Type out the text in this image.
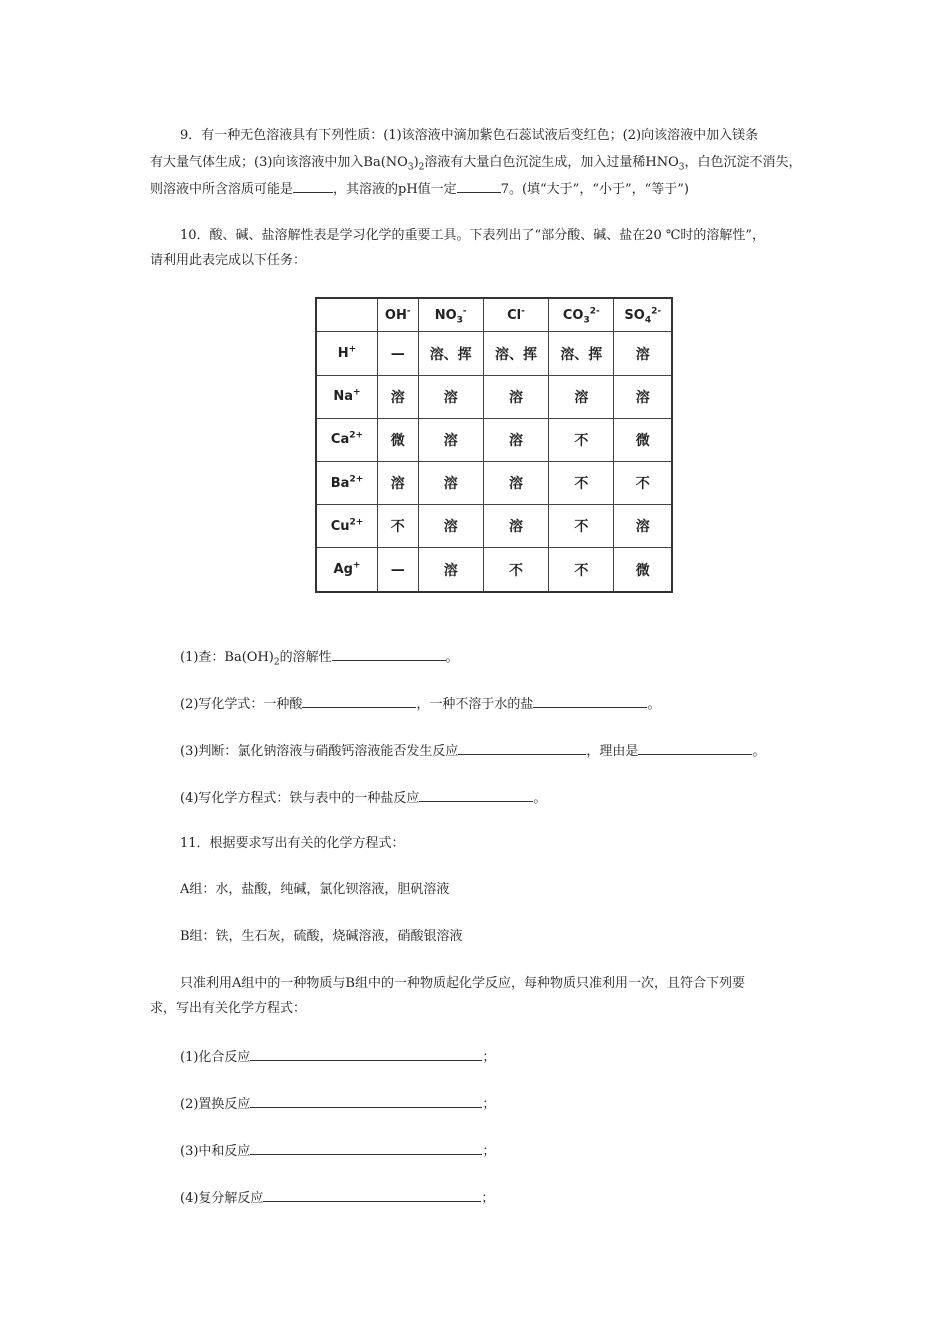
9．有一种无色溶液具有下列性质：(1)该溶液中滴加紫色石蕊试液后变红色；(2)向该溶液中加入镁条
有大量气体生成；(3)向该溶液中加入$Ba(NO_3)_2$溶液有大量白色沉淀生成，加入过量稀$HNO_3$，白色沉淀不消失，
则溶液中所含溶质可能是	，其溶液的pH值一定	7。(填“大于”，“小于”，“等于”)
10．酸、碱、盐溶解性表是学习化学的重要工具。下表列出了“部分酸、碱、盐在20 ℃时的溶解性”，
请利用此表完成以下任务：
	OH-	$NO_3^-$	Cl-	$CO_3^{2-}$	$SO_4^{2-}$
H+	—	溶、挥	溶、挥	溶、挥	溶
Na+	溶	溶	溶	溶	溶
$Ca^{2+}$	微	溶	溶	不	微
$Ba^{2+}$	溶	溶	溶	不	不
$Cu^{2+}$	不	溶	溶	不	溶
Ag+	—	溶	不	不	微
(1)查：$Ba(OH)_2$的溶解性	。
(2)写化学式：一种酸	，一种不溶于水的盐	。
(3)判断：氯化钠溶液与硝酸钙溶液能否发生反应	，理由是	。
(4)写化学方程式：铁与表中的一种盐反应	。
11．根据要求写出有关的化学方程式：
A组：水，盐酸，纯碱，氯化钡溶液，胆矾溶液
B组：铁，生石灰，硫酸，烧碱溶液，硝酸银溶液
只准利用A组中的一种物质与B组中的一种物质起化学反应，每种物质只准利用一次，且符合下列要
求，写出有关化学方程式：
(1)化合反应	；
(2)置换反应	；
(3)中和反应	；
(4)复分解反应	；
